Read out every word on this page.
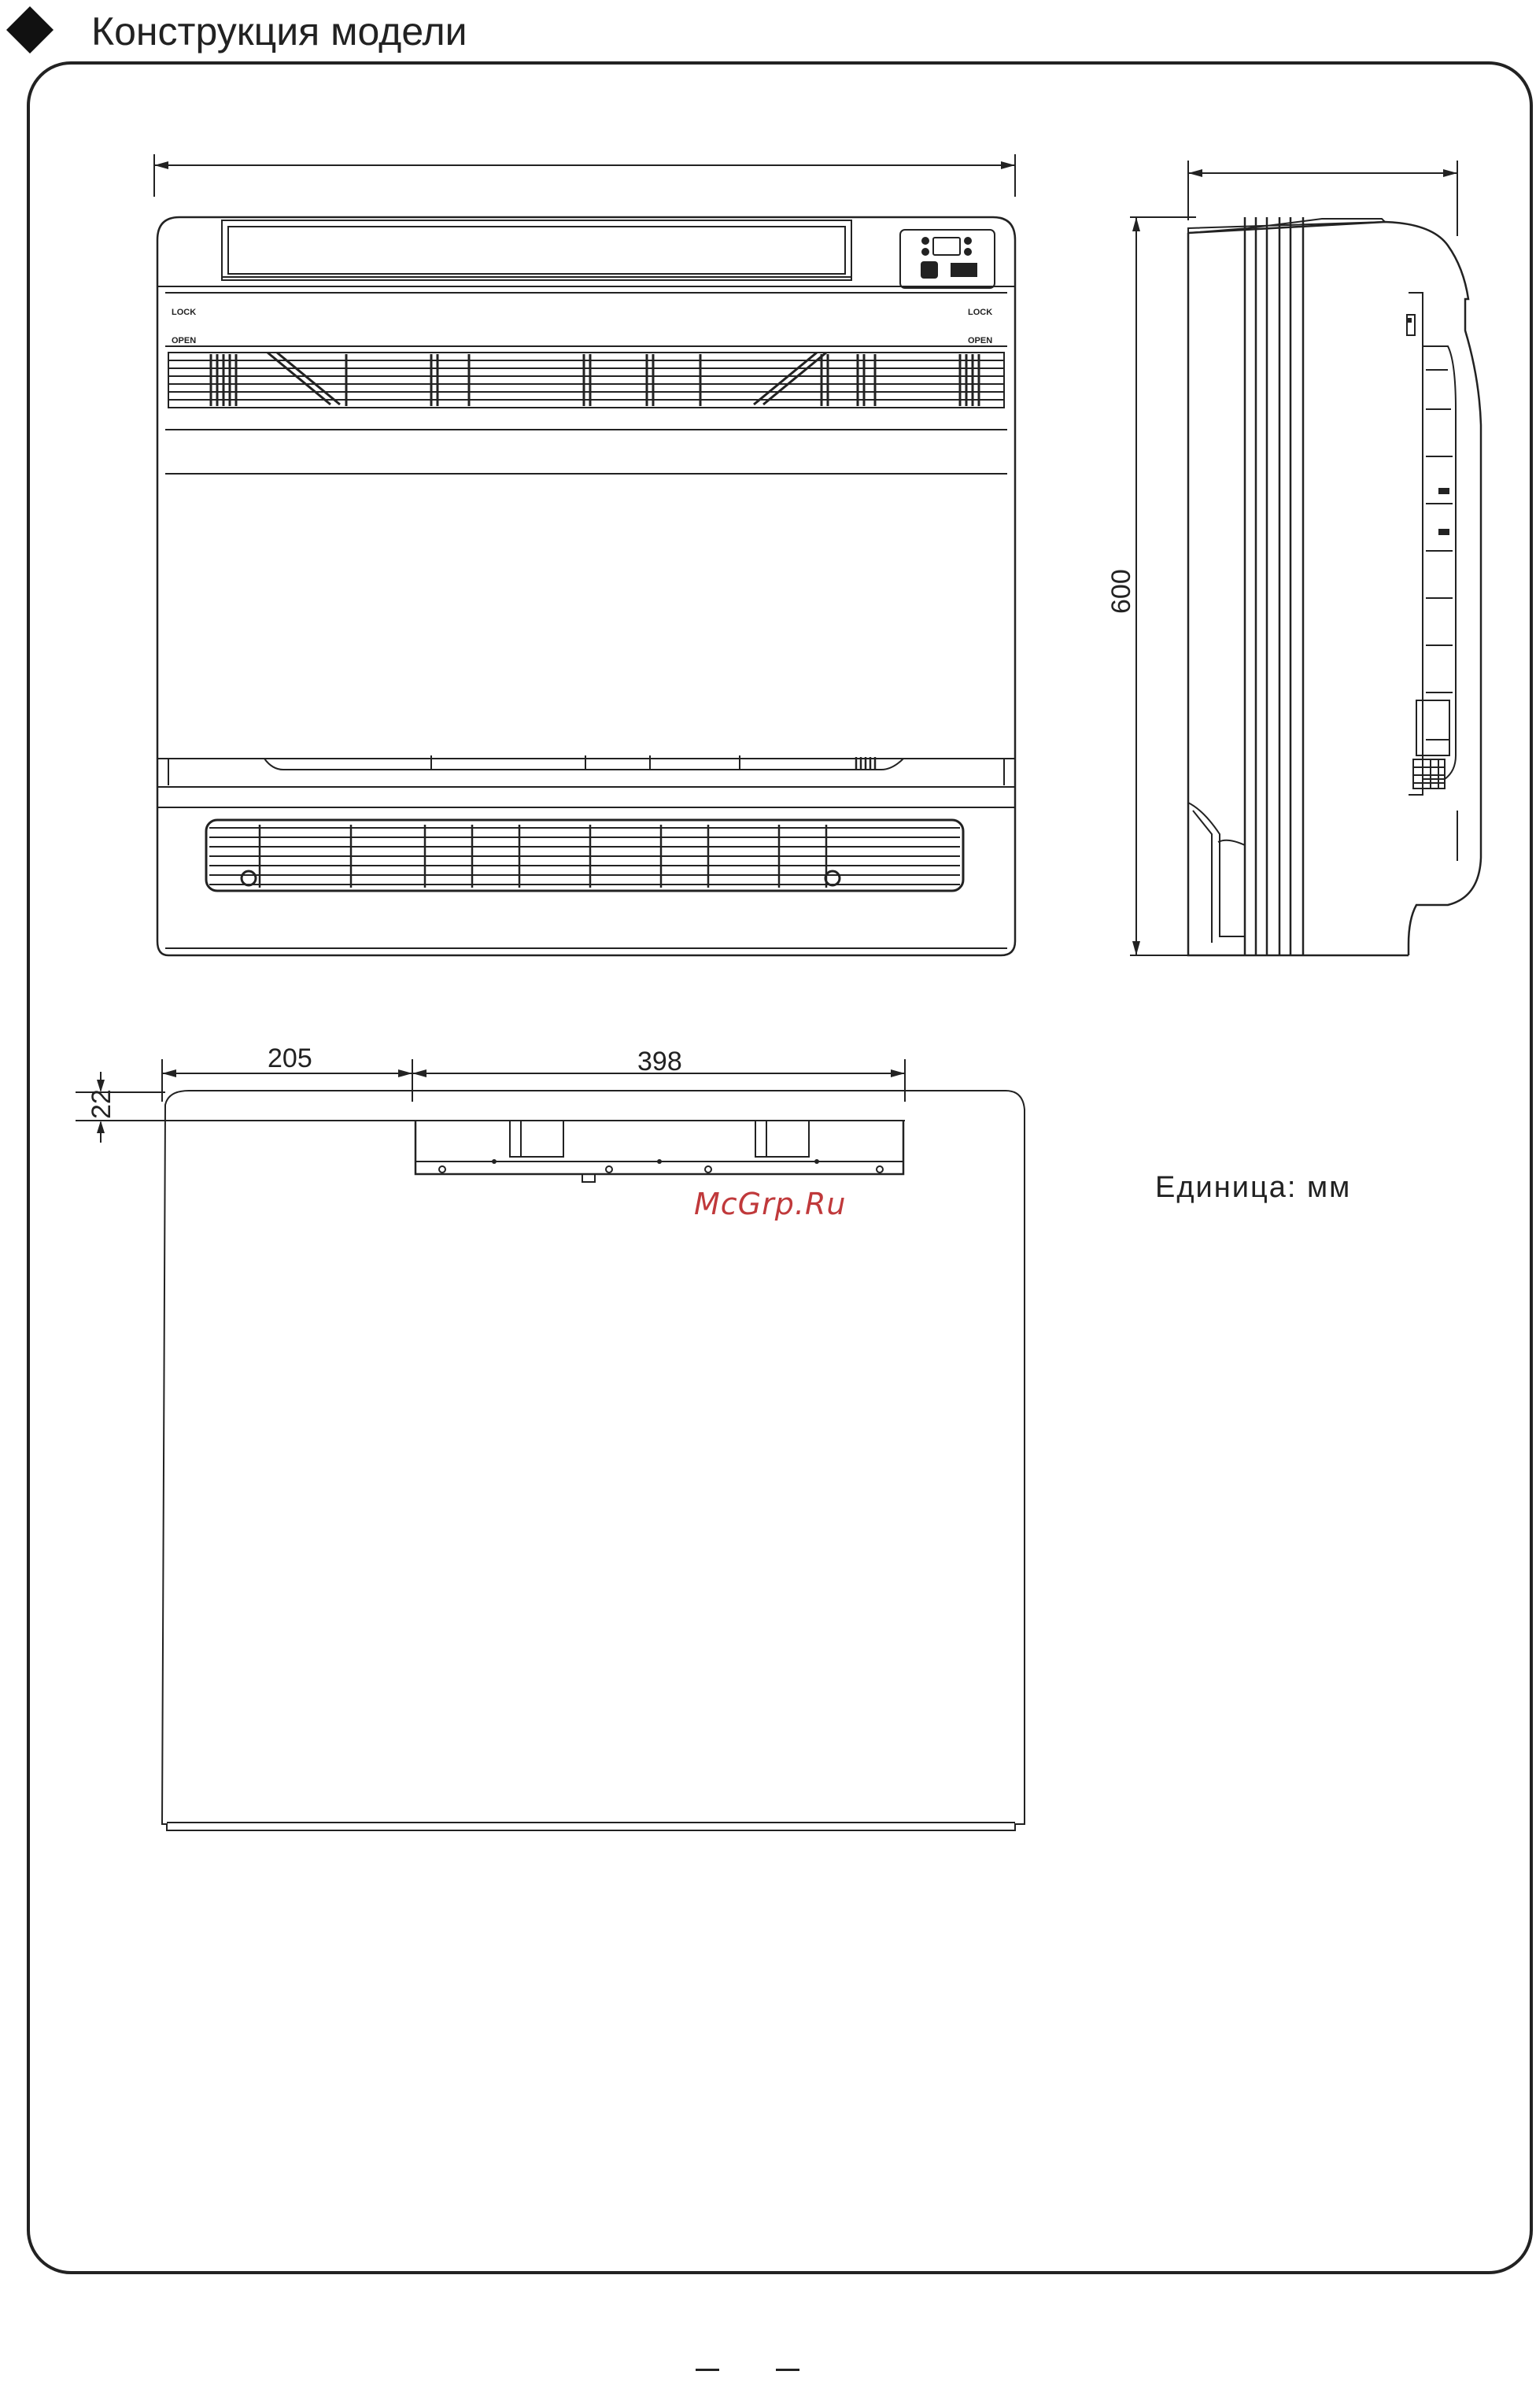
Конструкция модели
LOCK
OPEN
LOCK
OPEN
600
205	398
22
Единица: мм
McGrp.Ru
